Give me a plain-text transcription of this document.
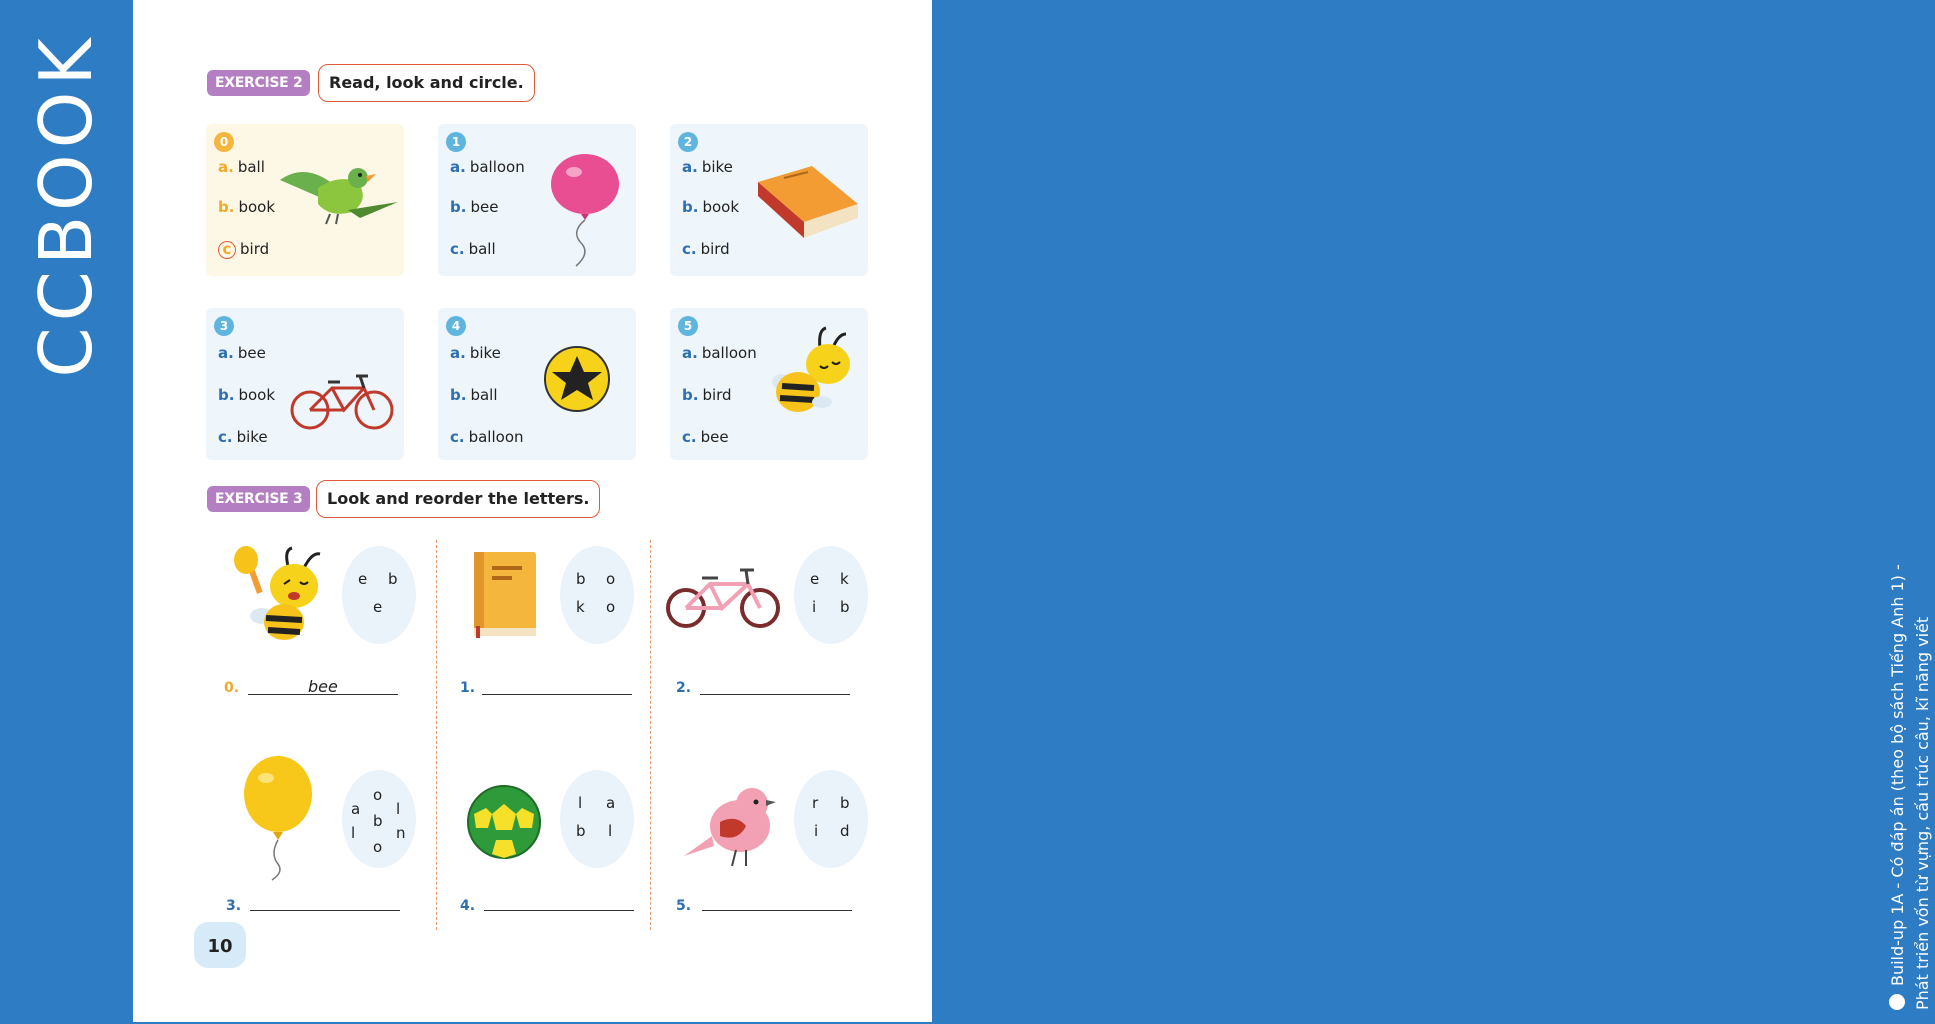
CCBOOK
Build-up 1A - Có đáp án (theo bộ sách Tiếng Anh 1) - Phát triển vốn từ vựng, cấu trúc câu, kĩ năng viết
EXERCISE 2	Read, look and circle.
0
a. ball
b. book
c bird
1
a. balloon
b. bee
c. ball
2
a. bike
b. book
c. bird
3
a. bee
b. book
c. bike
4
a. bike
b. ball
c. balloon
5
a. balloon
b. bird
c. bee
EXERCISE 3	Look and reorder the letters.
e b
e
0.	bee
b o
k o
1.
e k
i b
2.
o
a l
b
l	n
o
3.
l a
b l
4.
r b
i d
5.
10
